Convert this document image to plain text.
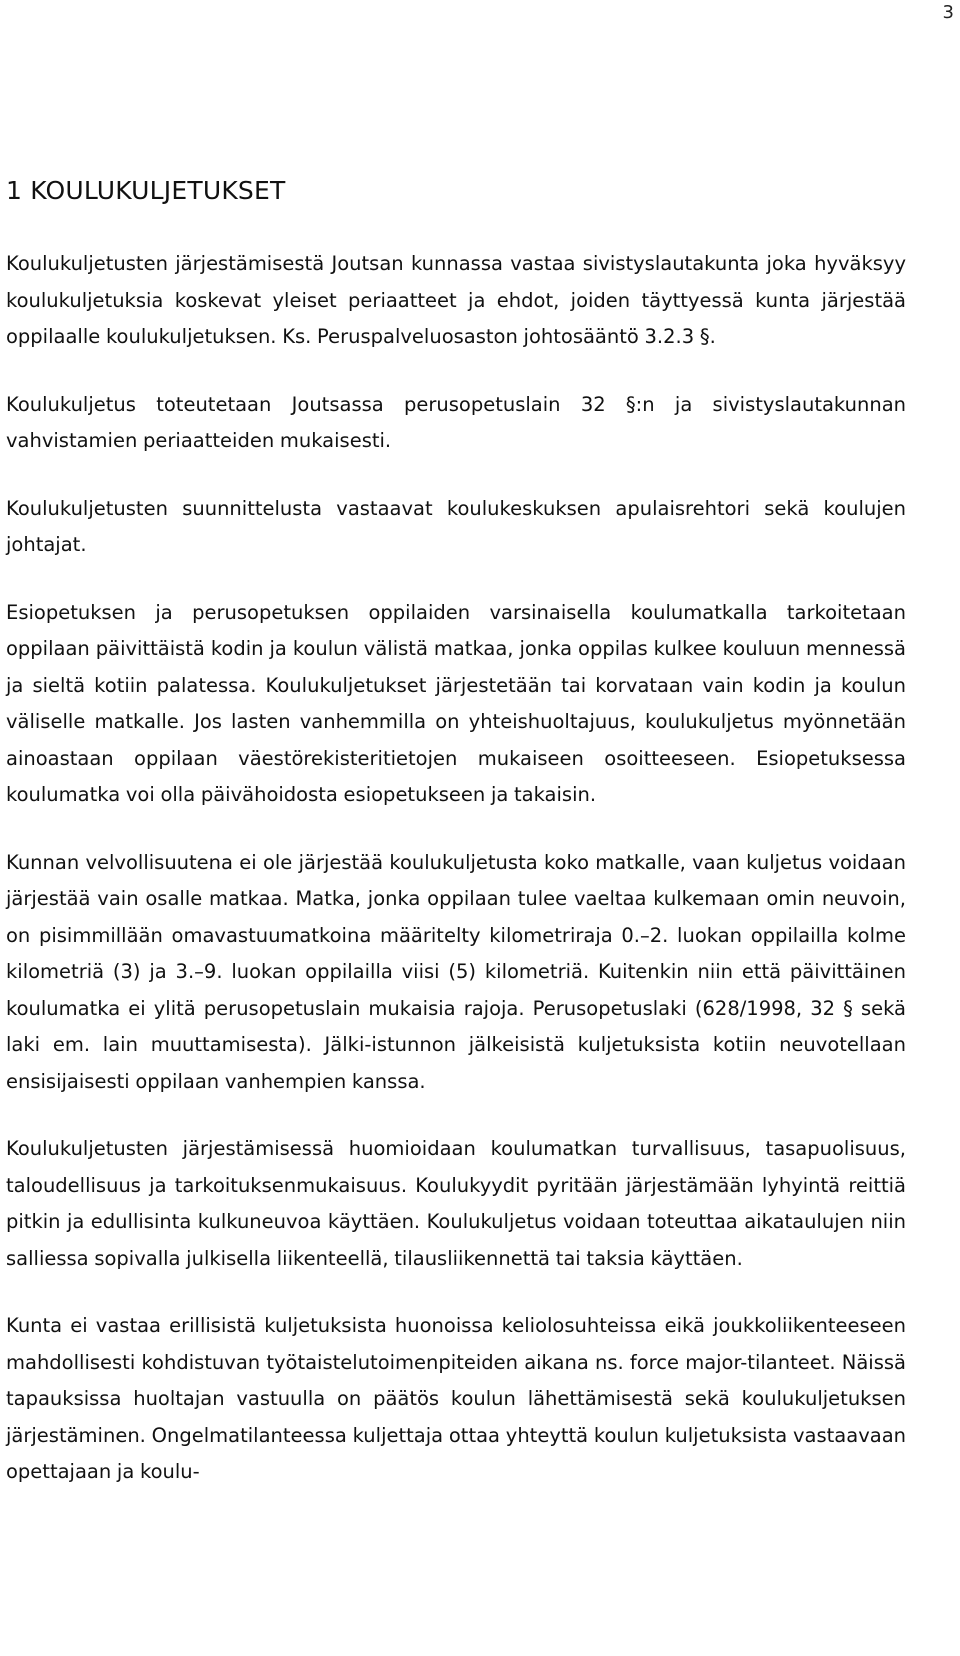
3
1 KOULUKULJETUKSET

Koulukuljetusten järjestämisestä Joutsan kunnassa vastaa sivistyslautakunta joka hyväksyy koulukuljetuksia koskevat yleiset periaatteet ja ehdot, joiden täyttyessä kunta järjestää oppilaalle koulukuljetuksen. Ks. Peruspalveluosaston johtosääntö 3.2.3 §.

Koulukuljetus toteutetaan Joutsassa perusopetuslain 32 §:n ja sivistyslautakunnan vahvistamien periaatteiden mukaisesti.

Koulukuljetusten suunnittelusta vastaavat koulukeskuksen apulaisrehtori sekä koulujen johtajat.

Esiopetuksen ja perusopetuksen oppilaiden varsinaisella koulumatkalla tarkoitetaan oppilaan päivittäistä kodin ja koulun välistä matkaa, jonka oppilas kulkee kouluun mennessä ja sieltä kotiin palatessa. Koulukuljetukset järjestetään tai korvataan vain kodin ja koulun väliselle matkalle. Jos lasten vanhemmilla on yhteishuoltajuus, koulukuljetus myönnetään ainoastaan oppilaan väestörekisteritietojen mukaiseen osoitteeseen. Esiopetuksessa koulumatka voi olla päivähoidosta esiopetukseen ja takaisin.

Kunnan velvollisuutena ei ole järjestää koulukuljetusta koko matkalle, vaan kuljetus voidaan järjestää vain osalle matkaa. Matka, jonka oppilaan tulee vaeltaa kulkemaan omin neuvoin, on pisimmillään omavastuumatkoina määritelty kilometriraja 0.–2. luokan oppilailla kolme kilometriä (3) ja 3.–9. luokan oppilailla viisi (5) kilometriä. Kuitenkin niin että päivittäinen koulumatka ei ylitä perusopetuslain mukaisia rajoja. Perusopetuslaki (628/1998, 32 § sekä laki em. lain muuttamisesta). Jälki-istunnon jälkeisistä kuljetuksista kotiin neuvotellaan ensisijaisesti oppilaan vanhempien kanssa.

Koulukuljetusten järjestämisessä huomioidaan koulumatkan turvallisuus, tasapuolisuus, taloudellisuus ja tarkoituksenmukaisuus. Koulukyydit pyritään järjestämään lyhyintä reittiä pitkin ja edullisinta kulkuneuvoa käyttäen. Koulukuljetus voidaan toteuttaa aikataulujen niin salliessa sopivalla julkisella liikenteellä, tilausliikennettä tai taksia käyttäen.

Kunta ei vastaa erillisistä kuljetuksista huonoissa keliolosuhteissa eikä joukkoliikenteeseen mahdollisesti kohdistuvan työtaistelutoimenpiteiden aikana ns. force major-tilanteet. Näissä tapauksissa huoltajan vastuulla on päätös koulun lähettämisestä sekä koulukuljetuksen järjestäminen. Ongelmatilanteessa kuljettaja ottaa yhteyttä koulun kuljetuksista vastaavaan opettajaan ja koulu-
